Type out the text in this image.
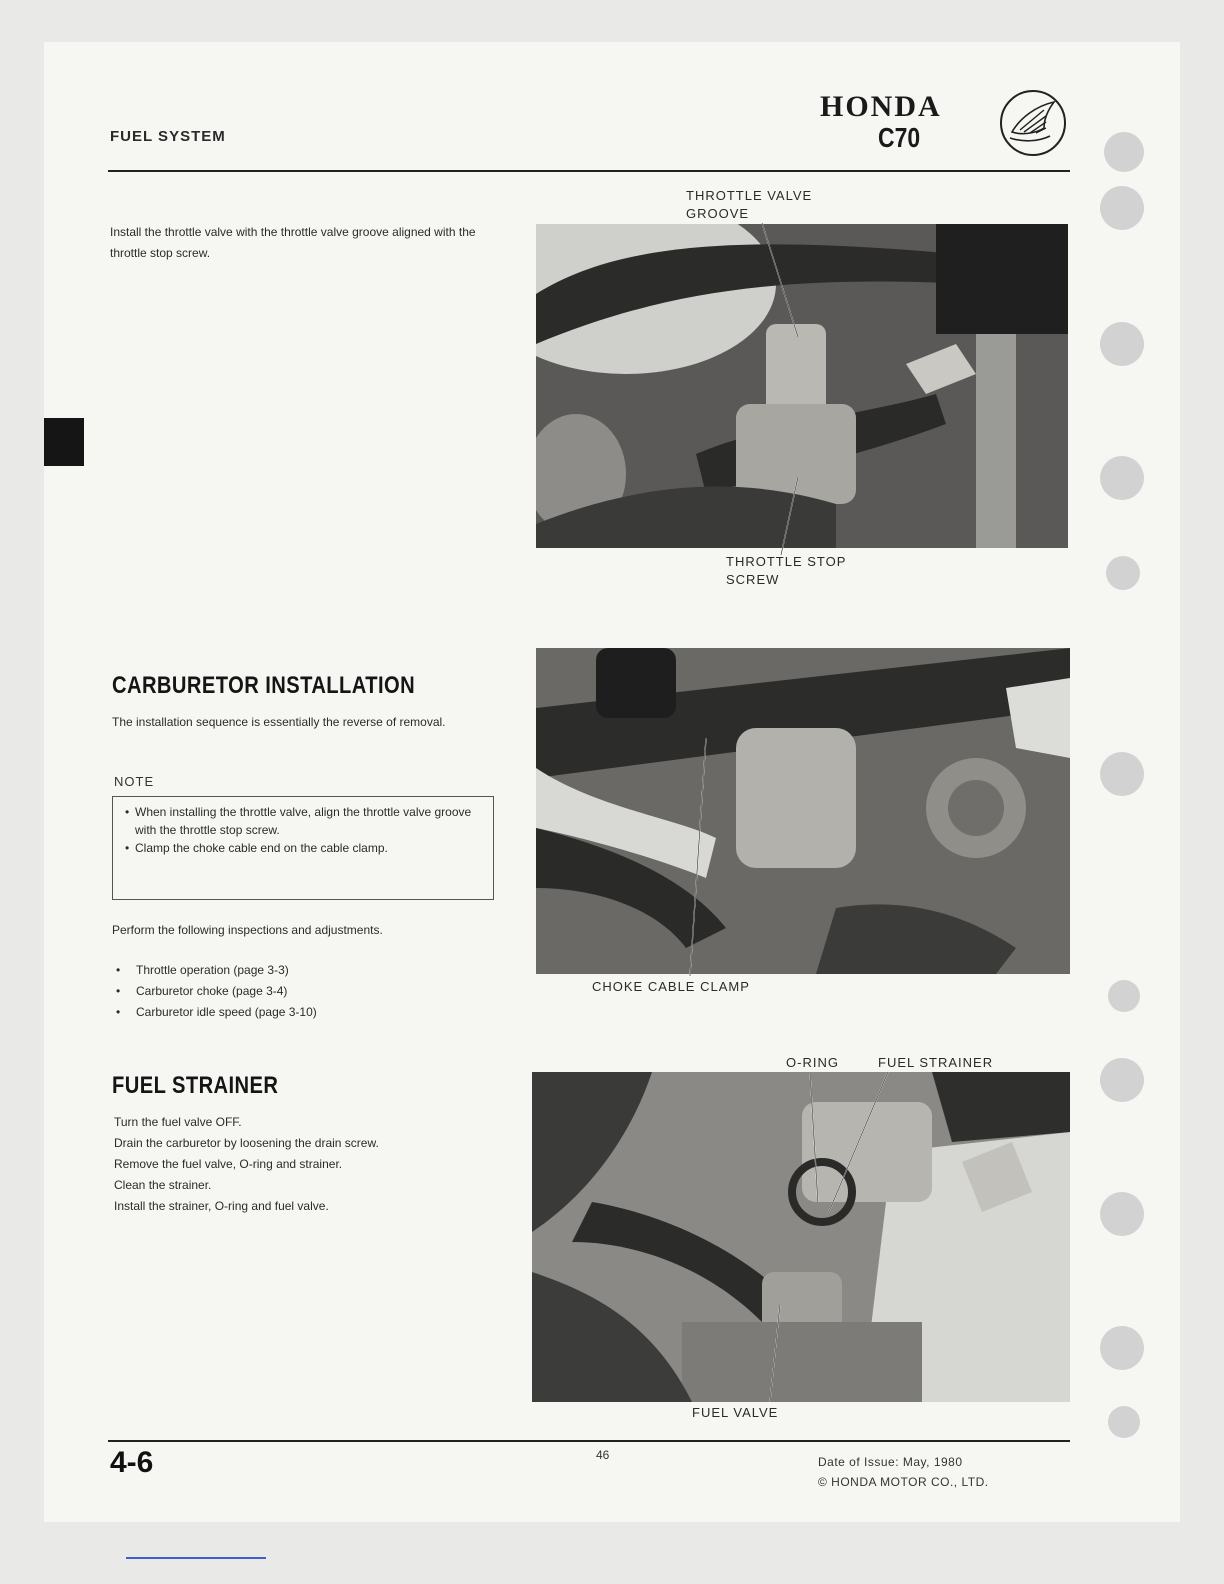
FUEL SYSTEM
HONDA
C70
Install the throttle valve with the throttle valve groove aligned with the throttle stop screw.
THROTTLE VALVE
GROOVE
THROTTLE STOP
SCREW
CARBURETOR INSTALLATION
The installation sequence is essentially the reverse of removal.
NOTE
• When installing the throttle valve, align the throttle valve groove with the throttle stop screw.
• Clamp the choke cable end on the cable clamp.
Perform the following inspections and adjustments.
• Throttle operation (page 3-3)
• Carburetor choke (page 3-4)
• Carburetor idle speed (page 3-10)
CHOKE CABLE CLAMP
FUEL STRAINER
Turn the fuel valve OFF.
Drain the carburetor by loosening the drain screw.
Remove the fuel valve, O-ring and strainer.
Clean the strainer.
Install the strainer, O-ring and fuel valve.
O-RING	FUEL STRAINER
FUEL VALVE
4-6	46	Date of Issue: May, 1980
© HONDA MOTOR CO., LTD.
